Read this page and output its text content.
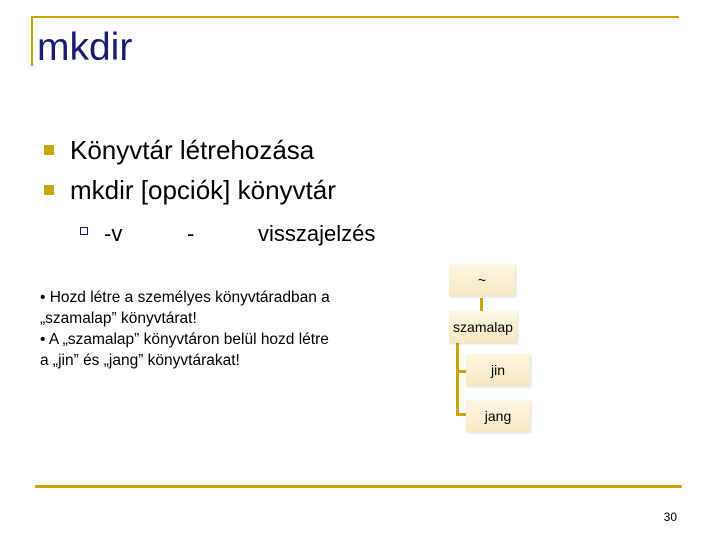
mkdir
Könyvtár létrehozása
mkdir [opciók] könyvtár
-v	-	visszajelzés
• Hozd létre a személyes könyvtáradban a
„szamalap” könyvtárat!
• A „szamalap” könyvtáron belül hozd létre
a „jin” és „jang” könyvtárakat!
~
szamalap
jin
jang
30
